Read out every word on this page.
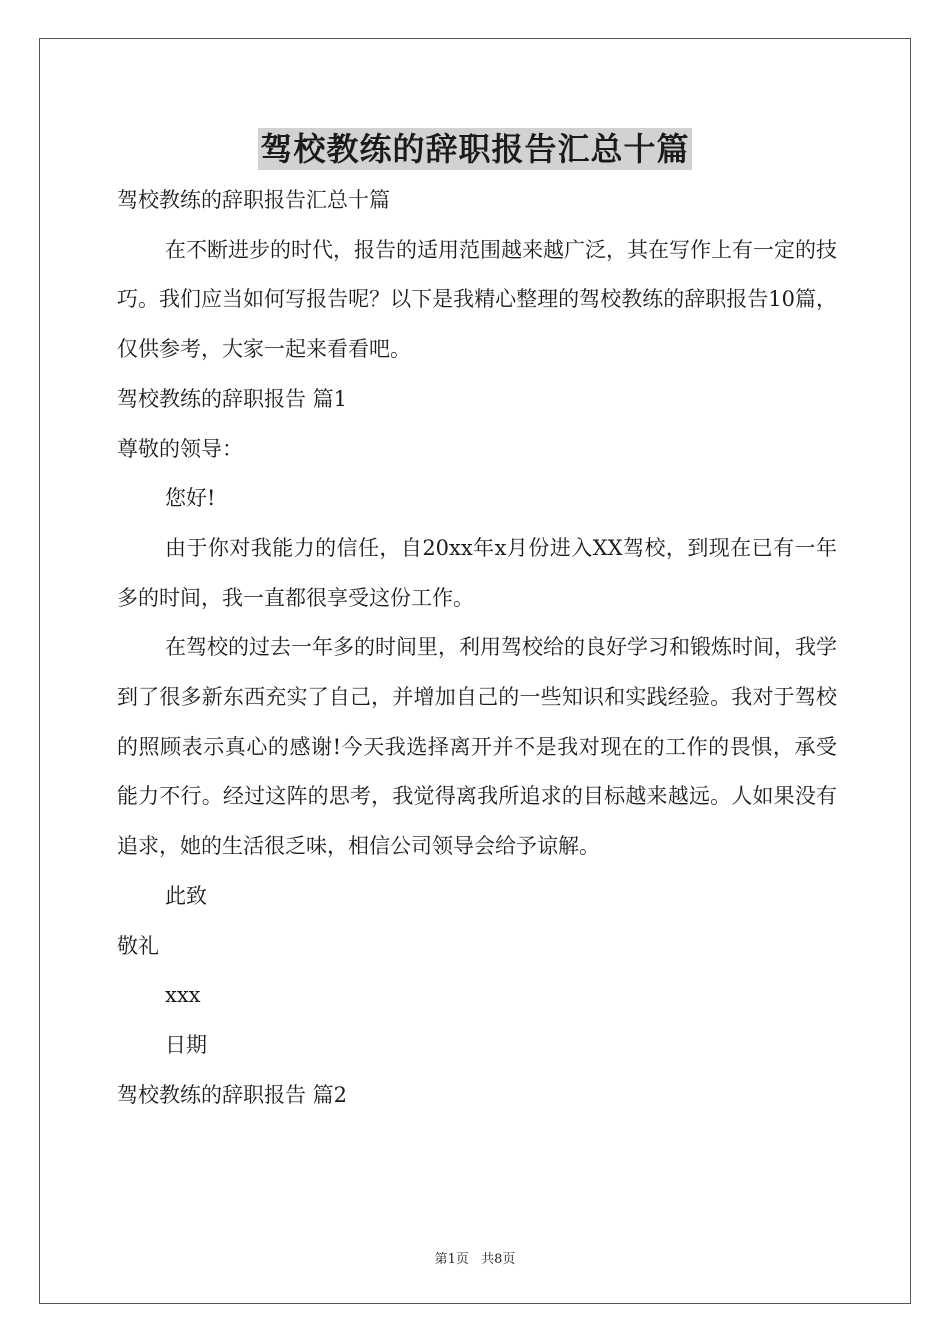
驾校教练的辞职报告汇总十篇

驾校教练的辞职报告汇总十篇

在不断进步的时代，报告的适用范围越来越广泛，其在写作上有一定的技巧。我们应当如何写报告呢？以下是我精心整理的驾校教练的辞职报告10篇，仅供参考，大家一起来看看吧。

驾校教练的辞职报告 篇1

尊敬的领导：

您好!

由于你对我能力的信任，自20xx年x月份进入XX驾校，到现在已有一年多的时间，我一直都很享受这份工作。

在驾校的过去一年多的时间里，利用驾校给的良好学习和锻炼时间，我学到了很多新东西充实了自己，并增加自己的一些知识和实践经验。我对于驾校的照顾表示真心的感谢!今天我选择离开并不是我对现在的工作的畏惧，承受能力不行。经过这阵的思考，我觉得离我所追求的目标越来越远。人如果没有追求，她的生活很乏味，相信公司领导会给予谅解。

此致

敬礼

xxx

日期

驾校教练的辞职报告 篇2

第1页 共8页
